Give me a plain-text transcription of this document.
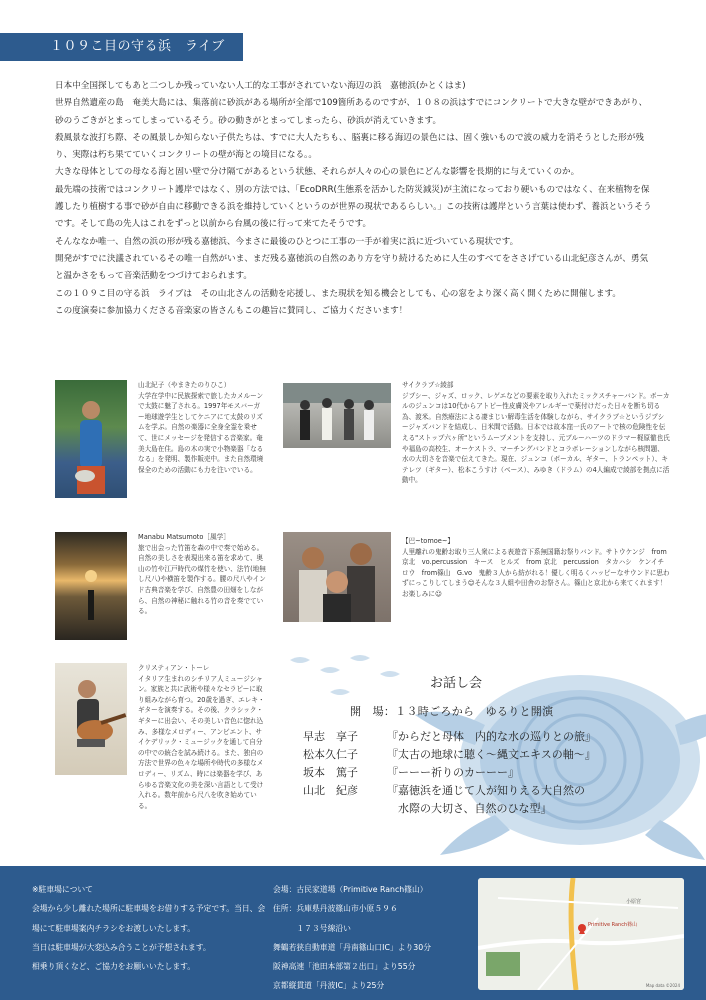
１０９こ目の守る浜　ライブ

日本中全国探してもあと二つしか残っていない人工的な工事がされていない海辺の浜　嘉徳浜(かとくはま)

世界自然遺産の島　奄美大島には、集落前に砂浜がある場所が全部で109箇所あるのですが、１０８の浜はすでにコンクリートで大きな壁ができあがり、砂のうごきがとまってしまっているそう。砂の動きがとまってしまったら、砂浜が消えていきます。

殺風景な波打ち際、その風景しか知らない子供たちは、すでに大人たちも、、脳裏に移る海辺の景色には、固く強いもので波の威力を消そうとした形が残り、実際は朽ち果てていくコンクリートの壁が海との境目になる。。

大きな母体としての母なる海と固い壁で分け隔てがあるという状態、それらが人々の心の景色にどんな影響を長期的に与えていくのか。

最先端の技術ではコンクリート護岸ではなく、別の方法では、「EcoDRR(生態系を活かした防災減災)が主流になっており硬いものではなく、在来植物を保護したり植樹する事で砂が自由に移動できる浜を維持していくというのが世界の現状であるらしい。」この技術は護岸という言葉は使わず、養浜というそうです。そして島の先人はこれをずっと以前から台風の後に行って来てたそうです。

そんななか唯一、自然の浜の形が残る嘉徳浜、今まさに最後のひとつに工事の一手が着実に浜に近づいている現状です。

開発がすでに決議されているその唯一自然がいま、まだ残る嘉徳浜の自然のあり方を守り続けるために人生のすべてをささげている山北紀彦さんが、勇気と温かさをもって音楽活動をつづけておられます。

この１０９こ目の守る浜　ライブは　その山北さんの活動を応援し、また現状を知る機会としても、心の窓をより深く高く開くために開催します。

この度演奏に参加協力くださる音楽家の皆さんもこの趣旨に賛同し、ご協力くださいます！

山北紀子（やまきたのりひこ）
大学在学中に民族探索で旅したカメルーンで太鼓に魅了される。1997年モスバーガー地球遊学生としてケニアにて太鼓のリズムを学ぶ。自然の楽器に全身全霊を乗せて、世にメッセージを発信する音楽家。奄美大島在住。島の木の実で小物楽器「なるなる」を発明、製作販売中。また自然環境保全のための活動にも力を注いでいる。
サイクラブ☆綾部
ジプシー、ジャズ、ロック、レゲエなどの要素を取り入れたミックスチャーバンド。ボーカルのジュンコは10代からアトピー性皮膚炎やアレルギーで薬付けだった日々を断ち切る為、渡米。自然療法による凄まじい解毒生活を体験しながら、サイクラブ☆というジプシージャズバンドを結成し、日米間で活動。日本では故本窪一氏のアートで核の危険性を伝える"ストップ六ヶ所"というムーブメントを支持し、元ブルーハーツのドラマー梶原徹也氏や福島の高校生、オーケストラ、マーチングバンドとコラボレーションしながら核問題、水の大切さを音楽で伝えてきた。現在、ジュンコ（ボーカル、ギター、トランペット）、キテレツ（ギター）、松本こうすけ（ベース）、みゆき（ドラム）の4人編成で綾部を拠点に活動中。
Manabu Matsumoto［風学］
旅で出会った竹笛を森の中で奏で始める。自然の美しさを表現出来る笛を求めて、奥山の竹や江戸時代の煤竹を使い、法竹(地無し尺八)や横笛を製作する。腰の尺八やインド古典音楽を学び、自然豊の田畑をしながら、自然の神秘に触れる竹の音を奏でている。
【巴~tomoe~】
人里離れの鬼齢お取り三人衆による表遊音下系無国籍お祭りバンド。サトウケンジ　from 京北　vo.percussion　キース　ヒルズ　from 京北　percussion　タカハシ　ケンイチロウ　from篠山　G.vo　鬼齢３人から紡がれる！優しく明るくハッピーなサウンドに思わずにっこりしてしまう😊そんな３人組や田舎のお祭さん。篠山と京北から来てくれます！お楽しみに☺
クリスティアン・トーレ
イタリア生まれのシチリア人ミュージシャン。家族と共に武術や様々なセラピーに取り組みながら育つ。20歳を過ぎ、エレキ・ギターを演奏する。その後、クラシック・ギターに出会い、その美しい音色に惚れ込み、多様なメロディー、アンビエント、サイケデリック・ミュージックを通して自分の中での統合を試み続ける。また、独自の方法で世界の色々な場所や時代の多様なメロディー、リズム、時には楽器を学び、あらゆる音楽文化の美を深い言語として受け入れる。数年前から尺八を吹き始めている。
お話し会
開　場：１３時ごろから　ゆるりと開演
早志　享子	『からだと母体　内的な水の巡りとの旅』
松本久仁子	『太古の地球に聴く～縄文エキスの軸～』
坂本　篤子	『ーーー祈りのカーーー』
山北　紀彦	『嘉徳浜を通じて人が知りえる大自然の
　水際の大切さ、自然のひな型』
※駐車場について
会場から少し離れた場所に駐車場をお借りする予定です。当日、会場にて駐車場案内チラシをお渡しいたします。
当日は駐車場が大変込み合うことが予想されます。
相乗り頂くなど、ご協力をお願いいたします。
会場：古民家道場（Primitive Ranch篠山）
住所：兵庫県丹波篠山市小原５９６
　　　１７３号線沿い
舞鶴若狭自動車道「丹南篠山口IC」より30分
阪神高速「池田本部第２出口」より55分
京都縦貫道「丹波IC」より25分
Primitive Ranch篠山
小原宮
Map data ©2024
